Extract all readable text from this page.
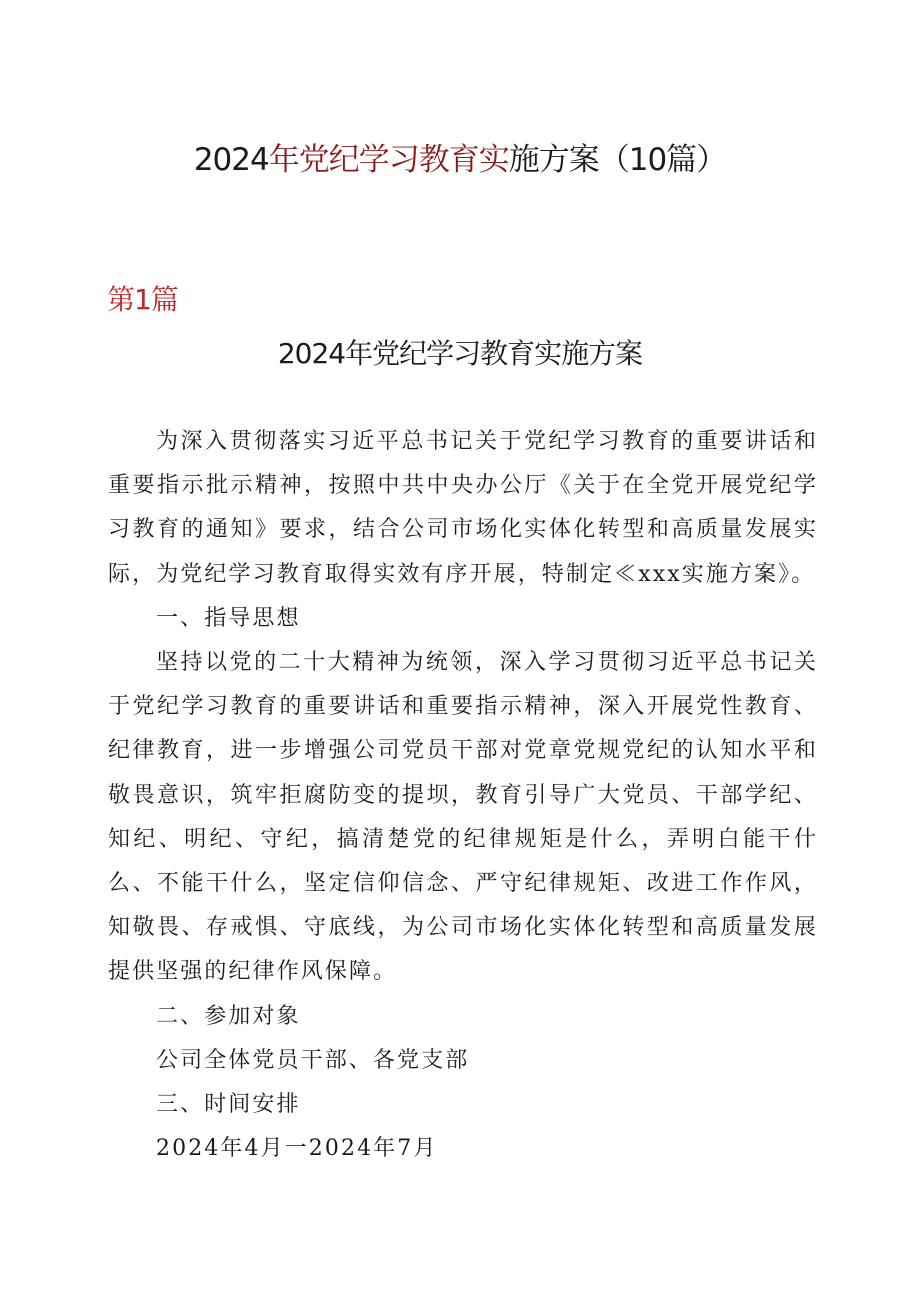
2024年党纪学习教育实施方案（10篇）
第1篇
2024年党纪学习教育实施方案

为深入贯彻落实习近平总书记关于党纪学习教育的重要讲话和重要指示批示精神，按照中共中央办公厅《关于在全党开展党纪学习教育的通知》要求，结合公司市场化实体化转型和高质量发展实际，为党纪学习教育取得实效有序开展，特制定≪xxx实施方案》。

一、指导思想

坚持以党的二十大精神为统领，深入学习贯彻习近平总书记关于党纪学习教育的重要讲话和重要指示精神，深入开展党性教育、纪律教育，进一步增强公司党员干部对党章党规党纪的认知水平和敬畏意识，筑牢拒腐防变的提坝，教育引导广大党员、干部学纪、知纪、明纪、守纪，搞清楚党的纪律规矩是什么，弄明白能干什么、不能干什么，坚定信仰信念、严守纪律规矩、改进工作作风，知敬畏、存戒惧、守底线，为公司市场化实体化转型和高质量发展提供坚强的纪律作风保障。

二、参加对象

公司全体党员干部、各党支部

三、时间安排

2024年4月一2024年7月
